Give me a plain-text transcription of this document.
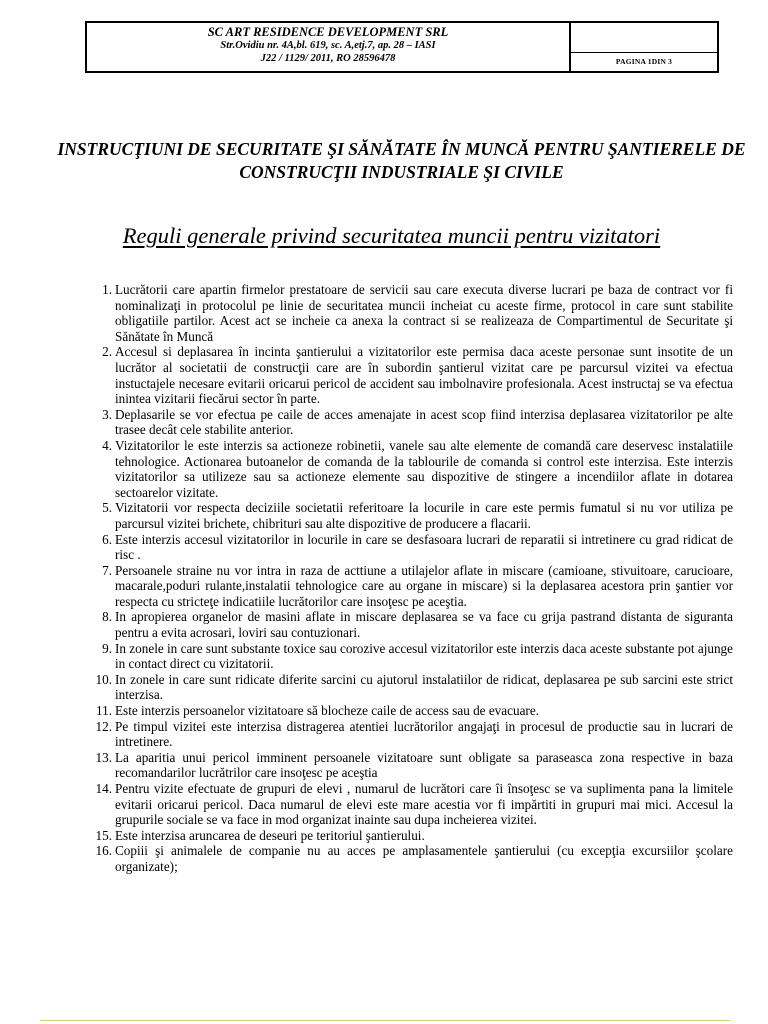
SC ART RESIDENCE DEVELOPMENT SRL
Str.Ovidiu nr. 4A,bl. 619, sc. A,etj.7, ap. 28 – IASI
J22 / 1129/ 2011, RO 28596478	PAGINA 1DIN 3
INSTRUCŢIUNI DE SECURITATE ŞI SĂNĂTATE ÎN MUNCĂ PENTRU ŞANTIERELE DE CONSTRUCŢII INDUSTRIALE ŞI CIVILE
Reguli generale privind securitatea muncii pentru vizitatori
1. Lucrătorii care apartin firmelor prestatoare de servicii sau care executa diverse lucrari pe baza de contract vor fi nominalizaţi in protocolul pe linie de securitatea muncii incheiat cu aceste firme, protocol in care sunt stabilite obligatiile partilor. Acest act se incheie ca anexa la contract si se realizeaza de Compartimentul de Securitate şi Sănătate în Muncă
2. Accesul si deplasarea în incinta şantierului a vizitatorilor este permisa daca aceste personae sunt insotite de un lucrător al societatii de construcţii care are în subordin şantierul vizitat care pe parcursul vizitei va efectua instuctajele necesare evitarii oricarui pericol de accident sau imbolnavire profesionala. Acest instructaj se va efectua inintea vizitarii fiecărui sector în parte.
3. Deplasarile se vor efectua pe caile de acces amenajate in acest scop fiind interzisa deplasarea vizitatorilor pe alte trasee decât cele stabilite anterior.
4. Vizitatorilor le este interzis sa actioneze robinetii, vanele sau alte elemente de comandă care deservesc instalatiile tehnologice. Actionarea butoanelor de comanda de la tablourile de comanda si control este interzisa. Este interzis vizitatorilor sa utilizeze sau sa actioneze elemente sau dispozitive de stingere a incendiilor aflate in dotarea sectoarelor vizitate.
5. Vizitatorii vor respecta deciziile societatii referitoare la locurile in care este permis fumatul si nu vor utiliza pe parcursul vizitei brichete, chibrituri sau alte dispozitive de producere a flacarii.
6. Este interzis accesul vizitatorilor in locurile in care se desfasoara lucrari de reparatii si intretinere cu grad ridicat de risc .
7. Persoanele straine nu vor intra in raza de acttiune a utilajelor aflate in miscare (camioane, stivuitoare, carucioare, macarale,poduri rulante,instalatii tehnologice care au organe in miscare) si la deplasarea acestora prin şantier vor respecta cu stricteţe indicatiile lucrătorilor care insoţesc pe aceştia.
8. In apropierea organelor de masini aflate in miscare deplasarea se va face cu grija pastrand distanta de siguranta pentru a evita acrosari, loviri sau contuzionari.
9. In zonele in care sunt substante toxice sau corozive accesul vizitatorilor este interzis daca aceste substante pot ajunge in contact direct cu vizitatorii.
10. In zonele in care sunt ridicate diferite sarcini cu ajutorul instalatiilor de ridicat, deplasarea pe sub sarcini este strict interzisa.
11. Este interzis persoanelor vizitatoare să blocheze caile de access sau de evacuare.
12. Pe timpul vizitei este interzisa distragerea atentiei lucrătorilor angajaţi in procesul de productie sau in lucrari de intretinere.
13. La aparitia unui pericol imminent persoanele vizitatoare sunt obligate sa paraseasca zona respective in baza recomandarilor lucrătrilor care insoţesc pe aceştia
14. Pentru vizite efectuate de grupuri de elevi , numarul de lucrători care îi însoţesc se va suplimenta pana la limitele evitarii oricarui pericol. Daca numarul de elevi este mare acestia vor fi impărtiti in grupuri mai mici. Accesul la grupurile sociale se va face in mod organizat inainte sau dupa incheierea vizitei.
15. Este interzisa aruncarea de deseuri pe teritoriul şantierului.
16. Copiii şi animalele de companie nu au acces pe amplasamentele şantierului (cu excepţia excursiilor şcolare organizate);
